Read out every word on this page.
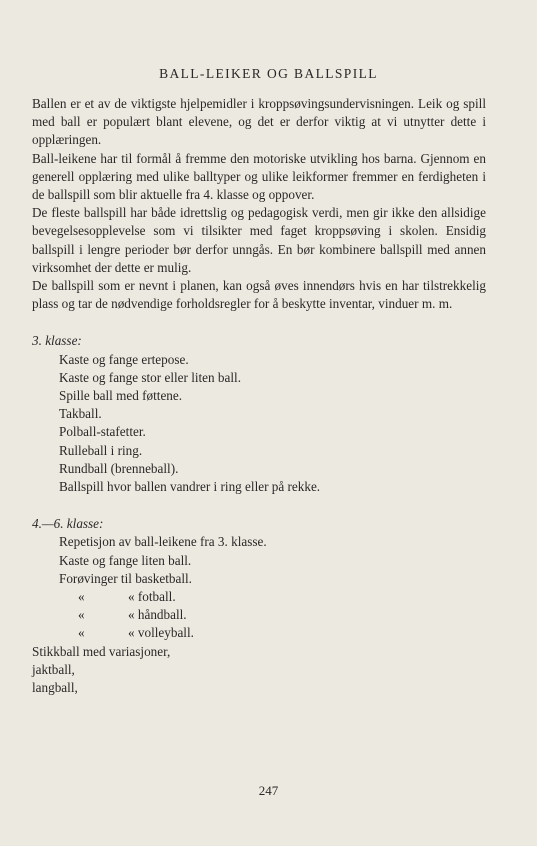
BALL-LEIKER OG BALLSPILL

Ballen er et av de viktigste hjelpemidler i kroppsøvingsundervisningen. Leik og spill med ball er populært blant elevene, og det er derfor viktig at vi utnytter dette i opplæringen.

Ball-leikene har til formål å fremme den motoriske utvikling hos barna. Gjennom en generell opplæring med ulike balltyper og ulike leikformer fremmer en ferdigheten i de ballspill som blir aktuelle fra 4. klasse og oppover.

De fleste ballspill har både idrettslig og pedagogisk verdi, men gir ikke den allsidige bevegelsesopplevelse som vi tilsikter med faget kroppsøving i skolen. Ensidig ballspill i lengre perioder bør derfor unngås. En bør kombinere ballspill med annen virksomhet der dette er mulig.

De ballspill som er nevnt i planen, kan også øves innendørs hvis en har tilstrekkelig plass og tar de nødvendige forholdsregler for å beskytte inventar, vinduer m. m.

3. klasse:

Kaste og fange ertepose.

Kaste og fange stor eller liten ball.

Spille ball med føttene.

Takball.

Polball-stafetter.

Rulleball i ring.

Rundball (brenneball).

Ballspill hvor ballen vandrer i ring eller på rekke.

4.—6. klasse:

Repetisjon av ball-leikene fra 3. klasse.

Kaste og fange liten ball.

Forøvinger til basketball.

«	« fotball.

«	« håndball.

«	« volleyball.

Stikkball med variasjoner,

jaktball,

langball,

247
